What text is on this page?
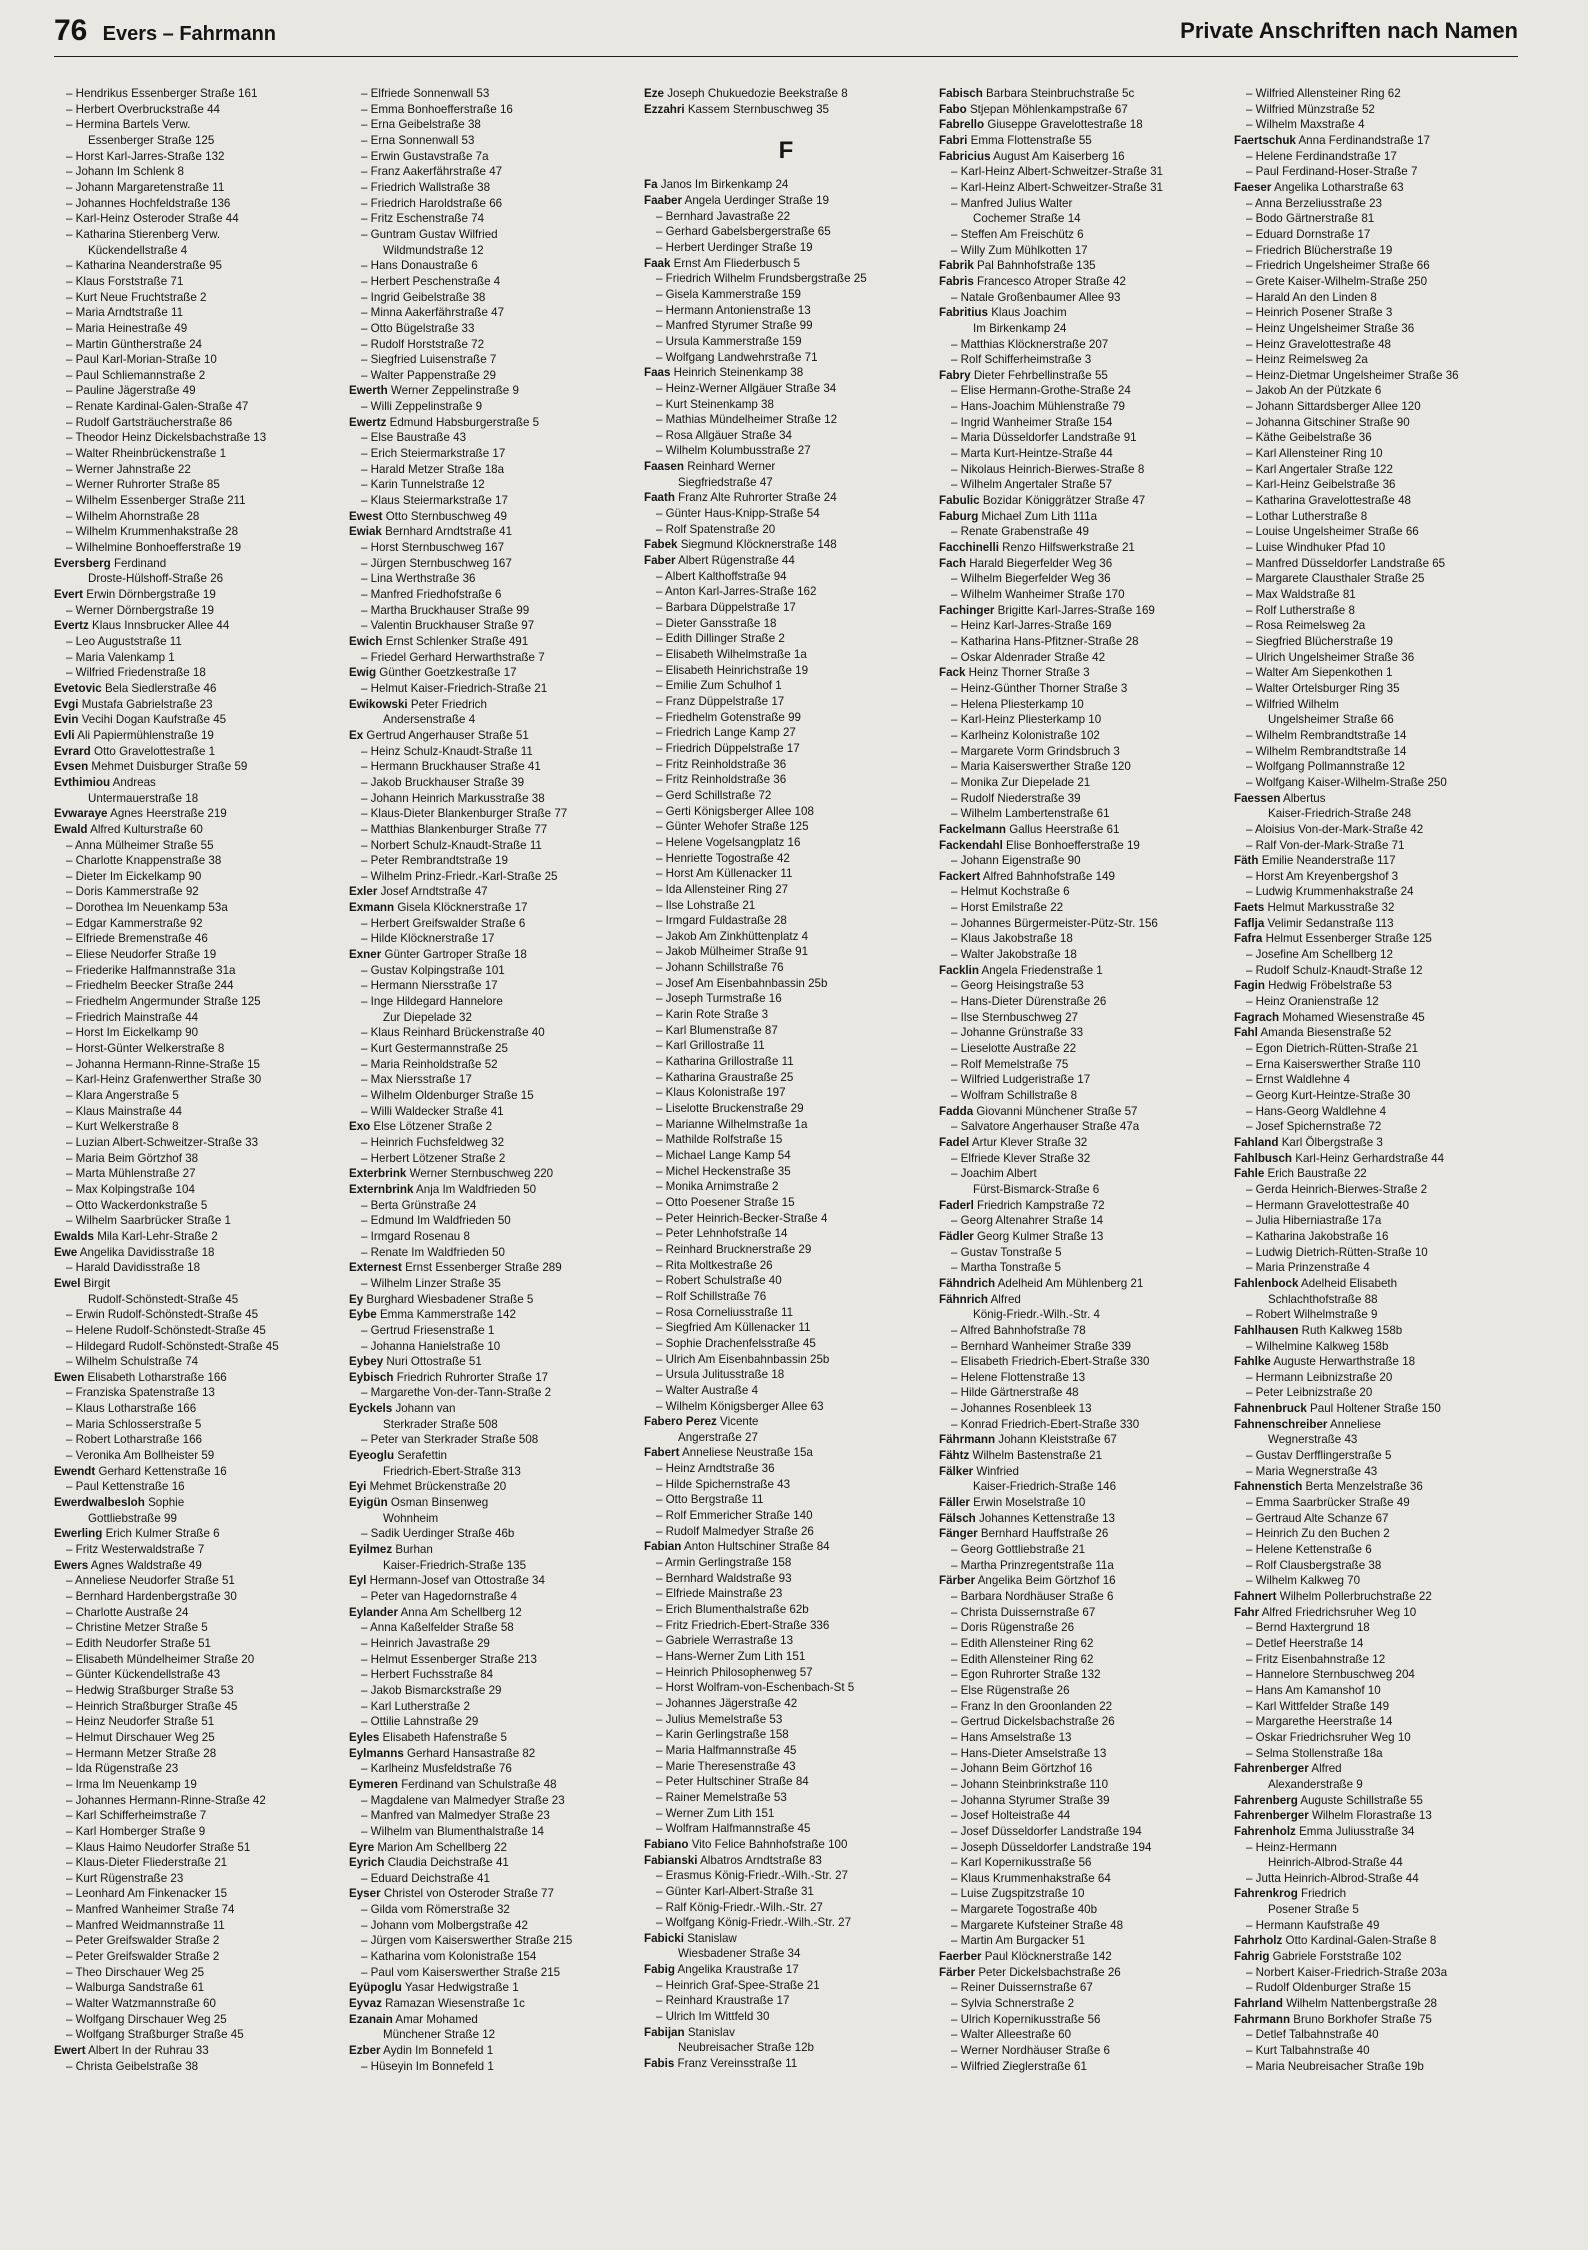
76 Evers – Fahrmann	Private Anschriften nach Namen
– Hendrikus Essenberger Straße 161
– Herbert Overbruckstraße 44
– Hermina Bartels Verw.
Essenberger Straße 125
– Horst Karl-Jarres-Straße 132
– Johann Im Schlenk 8
– Johann Margaretenstraße 11
– Johannes Hochfeldstraße 136
– Karl-Heinz Osteroder Straße 44
– Katharina Stierenberg Verw.
Kückendellstraße 4
– Katharina Neanderstraße 95
– Klaus Forststraße 71
– Kurt Neue Fruchtstraße 2
– Maria Arndtstraße 11
– Maria Heinestraße 49
– Martin Güntherstraße 24
– Paul Karl-Morian-Straße 10
– Paul Schliemannstraße 2
– Pauline Jägerstraße 49
– Renate Kardinal-Galen-Straße 47
– Rudolf Gartsträucherstraße 86
– Theodor Heinz Dickelsbachstraße 13
– Walter Rheinbrückenstraße 1
– Werner Jahnstraße 22
– Werner Ruhrorter Straße 85
– Wilhelm Essenberger Straße 211
– Wilhelm Ahornstraße 28
– Wilhelm Krummenhakstraße 28
– Wilhelmine Bonhoefferstraße 19
Eversberg Ferdinand
Droste-Hülshoff-Straße 26
Evert Erwin Dörnbergstraße 19
– Werner Dörnbergstraße 19
Evertz Klaus Innsbrucker Allee 44
– Leo Auguststraße 11
– Maria Valenkamp 1
– Wilfried Friedenstraße 18
Evetovic Bela Siedlerstraße 46
Evgi Mustafa Gabrielstraße 23
Evin Vecihi Dogan Kaufstraße 45
Evli Ali Papiermühlenstraße 19
Evrard Otto Gravelottestraße 1
Evsen Mehmet Duisburger Straße 59
Evthimiou Andreas
Untermauerstraße 18
Evwaraye Agnes Heerstraße 219
Ewald Alfred Kulturstraße 60
– Anna Mülheimer Straße 55
– Charlotte Knappenstraße 38
– Dieter Im Eickelkamp 90
– Doris Kammerstraße 92
– Dorothea Im Neuenkamp 53a
– Edgar Kammerstraße 92
– Elfriede Bremenstraße 46
– Eliese Neudorfer Straße 19
– Friederike Halfmannstraße 31a
– Friedhelm Beecker Straße 244
– Friedhelm Angermunder Straße 125
– Friedrich Mainstraße 44
– Horst Im Eickelkamp 90
– Horst-Günter Welkerstraße 8
– Johanna Hermann-Rinne-Straße 15
– Karl-Heinz Grafenwerther Straße 30
– Klara Angerstraße 5
– Klaus Mainstraße 44
– Kurt Welkerstraße 8
– Luzian Albert-Schweitzer-Straße 33
– Maria Beim Görtzhof 38
– Marta Mühlenstraße 27
– Max Kolpingstraße 104
– Otto Wackerdonkstraße 5
– Wilhelm Saarbrücker Straße 1
Ewalds Mila Karl-Lehr-Straße 2
Ewe Angelika Davidisstraße 18
– Harald Davidisstraße 18
Ewel Birgit
Rudolf-Schönstedt-Straße 45
– Erwin Rudolf-Schönstedt-Straße 45
– Helene Rudolf-Schönstedt-Straße 45
– Hildegard Rudolf-Schönstedt-Straße 45
– Wilhelm Schulstraße 74
Ewen Elisabeth Lotharstraße 166
– Franziska Spatenstraße 13
– Klaus Lotharstraße 166
– Maria Schlosserstraße 5
– Robert Lotharstraße 166
– Veronika Am Bollheister 59
Ewendt Gerhard Kettenstraße 16
– Paul Kettenstraße 16
Ewerdwalbesloh Sophie
Gottliebstraße 99
Ewerling Erich Kulmer Straße 6
– Fritz Westerwaldstraße 7
Ewers Agnes Waldstraße 49
– Anneliese Neudorfer Straße 51
– Bernhard Hardenbergstraße 30
– Charlotte Austraße 24
– Christine Metzer Straße 5
– Edith Neudorfer Straße 51
– Elisabeth Mündelheimer Straße 20
– Günter Kückendellstraße 43
– Hedwig Straßburger Straße 53
– Heinrich Straßburger Straße 45
– Heinz Neudorfer Straße 51
– Helmut Dirschauer Weg 25
– Hermann Metzer Straße 28
– Ida Rügenstraße 23
– Irma Im Neuenkamp 19
– Johannes Hermann-Rinne-Straße 42
– Karl Schifferheimstraße 7
– Karl Homberger Straße 9
– Klaus Haimo Neudorfer Straße 51
– Klaus-Dieter Fliederstraße 21
– Kurt Rügenstraße 23
– Leonhard Am Finkenacker 15
– Manfred Wanheimer Straße 74
– Manfred Weidmannstraße 11
– Peter Greifswalder Straße 2
– Peter Greifswalder Straße 2
– Theo Dirschauer Weg 25
– Walburga Sandstraße 61
– Walter Watzmannstraße 60
– Wolfgang Dirschauer Weg 25
– Wolfgang Straßburger Straße 45
Ewert Albert In der Ruhrau 33
– Christa Geibelstraße 38
– Elfriede Sonnenwall 53
– Emma Bonhoefferstraße 16
– Erna Geibelstraße 38
– Erna Sonnenwall 53
– Erwin Gustavstraße 7a
– Franz Aakerfährstraße 47
– Friedrich Wallstraße 38
– Friedrich Haroldstraße 66
– Fritz Eschenstraße 74
– Guntram Gustav Wilfried
Wildmundstraße 12
– Hans Donaustraße 6
– Herbert Peschenstraße 4
– Ingrid Geibelstraße 38
– Minna Aakerfährstraße 47
– Otto Bügelstraße 33
– Rudolf Horststraße 72
– Siegfried Luisenstraße 7
– Walter Pappenstraße 29
Ewerth Werner Zeppelinstraße 9
– Willi Zeppelinstraße 9
Ewertz Edmund Habsburgerstraße 5
– Else Baustraße 43
– Erich Steiermarkstraße 17
– Harald Metzer Straße 18a
– Karin Tunnelstraße 12
– Klaus Steiermarkstraße 17
Ewest Otto Sternbuschweg 49
Ewiak Bernhard Arndtstraße 41
– Horst Sternbuschweg 167
– Jürgen Sternbuschweg 167
– Lina Werthstraße 36
– Manfred Friedhofstraße 6
– Martha Bruckhauser Straße 99
– Valentin Bruckhauser Straße 97
Ewich Ernst Schlenker Straße 491
– Friedel Gerhard Herwarthstraße 7
Ewig Günther Goetzkestraße 17
– Helmut Kaiser-Friedrich-Straße 21
Ewikowski Peter Friedrich
Andersenstraße 4
Ex Gertrud Angerhauser Straße 51
– Heinz Schulz-Knaudt-Straße 11
– Hermann Bruckhauser Straße 41
– Jakob Bruckhauser Straße 39
– Johann Heinrich Markusstraße 38
– Klaus-Dieter Blankenburger Straße 77
– Matthias Blankenburger Straße 77
– Norbert Schulz-Knaudt-Straße 11
– Peter Rembrandtstraße 19
– Wilhelm Prinz-Friedr.-Karl-Straße 25
Exler Josef Arndtstraße 47
Exmann Gisela Klöcknerstraße 17
– Herbert Greifswalder Straße 6
– Hilde Klöcknerstraße 17
Exner Günter Gartroper Straße 18
– Gustav Kolpingstraße 101
– Hermann Niersstraße 17
– Inge Hildegard Hannelore
Zur Diepelade 32
– Klaus Reinhard Brückenstraße 40
– Kurt Gestermannstraße 25
– Maria Reinholdstraße 52
– Max Niersstraße 17
– Wilhelm Oldenburger Straße 15
– Willi Waldecker Straße 41
Exo Else Lötzener Straße 2
– Heinrich Fuchsfeldweg 32
– Herbert Lötzener Straße 2
Exterbrink Werner Sternbuschweg 220
Externbrink Anja Im Waldfrieden 50
– Berta Grünstraße 24
– Edmund Im Waldfrieden 50
– Irmgard Rosenau 8
– Renate Im Waldfrieden 50
Externest Ernst Essenberger Straße 289
– Wilhelm Linzer Straße 35
Ey Burghard Wiesbadener Straße 5
Eybe Emma Kammerstraße 142
– Gertrud Friesenstraße 1
– Johanna Hanielstraße 10
Eybey Nuri Ottostraße 51
Eybisch Friedrich Ruhrorter Straße 17
– Margarethe Von-der-Tann-Straße 2
Eyckels Johann van
Sterkrader Straße 508
– Peter van Sterkrader Straße 508
Eyeoglu Serafettin
Friedrich-Ebert-Straße 313
Eyi Mehmet Brückenstraße 20
Eyigün Osman Binsenweg
Wohnheim
– Sadik Uerdinger Straße 46b
Eyilmez Burhan
Kaiser-Friedrich-Straße 135
Eyl Hermann-Josef van Ottostraße 34
– Peter van Hagedornstraße 4
Eylander Anna Am Schellberg 12
– Anna Kaßelfelder Straße 58
– Heinrich Javastraße 29
– Helmut Essenberger Straße 213
– Herbert Fuchsstraße 84
– Jakob Bismarckstraße 29
– Karl Lutherstraße 2
– Ottilie Lahnstraße 29
Eyles Elisabeth Hafenstraße 5
Eylmanns Gerhard Hansastraße 82
– Karlheinz Musfeldstraße 76
Eymeren Ferdinand van Schulstraße 48
– Magdalene van Malmedyer Straße 23
– Manfred van Malmedyer Straße 23
– Wilhelm van Blumenthalstraße 14
Eyre Marion Am Schellberg 22
Eyrich Claudia Deichstraße 41
– Eduard Deichstraße 41
Eyser Christel von Osteroder Straße 77
– Gilda vom Römerstraße 32
– Johann vom Molbergstraße 42
– Jürgen vom Kaiserswerther Straße 215
– Katharina vom Kolonistraße 154
– Paul vom Kaiserswerther Straße 215
Eyüpoglu Yasar Hedwigstraße 1
Eyvaz Ramazan Wiesenstraße 1c
Ezanain Amar Mohamed
Münchener Straße 12
Ezber Aydin Im Bonnefeld 1
– Hüseyin Im Bonnefeld 1
Eze Joseph Chukuedozie Beekstraße 8
Ezzahri Kassem Sternbuschweg 35
F
Fa Janos Im Birkenkamp 24
Faaber Angela Uerdinger Straße 19
– Bernhard Javastraße 22
– Gerhard Gabelsbergerstraße 65
– Herbert Uerdinger Straße 19
Faak Ernst Am Fliederbusch 5
– Friedrich Wilhelm Frundsbergstraße 25
– Gisela Kammerstraße 159
– Hermann Antonienstraße 13
– Manfred Styrumer Straße 99
– Ursula Kammerstraße 159
– Wolfgang Landwehrstraße 71
Faas Heinrich Steinenkamp 38
– Heinz-Werner Allgäuer Straße 34
– Kurt Steinenkamp 38
– Mathias Mündelheimer Straße 12
– Rosa Allgäuer Straße 34
– Wilhelm Kolumbusstraße 27
Faasen Reinhard Werner
Siegfriedstraße 47
Faath Franz Alte Ruhrorter Straße 24
– Günter Haus-Knipp-Straße 54
– Rolf Spatenstraße 20
Fabek Siegmund Klöcknerstraße 148
Faber Albert Rügenstraße 44
– Albert Kalthoffstraße 94
– Anton Karl-Jarres-Straße 162
– Barbara Düppelstraße 17
– Dieter Gansstraße 18
– Edith Dillinger Straße 2
– Elisabeth Wilhelmstraße 1a
– Elisabeth Heinrichstraße 19
– Emilie Zum Schulhof 1
– Franz Düppelstraße 17
– Friedhelm Gotenstraße 99
– Friedrich Lange Kamp 27
– Friedrich Düppelstraße 17
– Fritz Reinholdstraße 36
– Fritz Reinholdstraße 36
– Gerd Schillstraße 72
– Gerti Königsberger Allee 108
– Günter Wehofer Straße 125
– Helene Vogelsangplatz 16
– Henriette Togostraße 42
– Horst Am Küllenacker 11
– Ida Allensteiner Ring 27
– Ilse Lohstraße 21
– Irmgard Fuldastraße 28
– Jakob Am Zinkhüttenplatz 4
– Jakob Mülheimer Straße 91
– Johann Schillstraße 76
– Josef Am Eisenbahnbassin 25b
– Joseph Turmstraße 16
– Karin Rote Straße 3
– Karl Blumenstraße 87
– Karl Grillostraße 11
– Katharina Grillostraße 11
– Katharina Graustraße 25
– Klaus Kolonistraße 197
– Liselotte Bruckenstraße 29
– Marianne Wilhelmstraße 1a
– Mathilde Rolfstraße 15
– Michael Lange Kamp 54
– Michel Heckenstraße 35
– Monika Arnimstraße 2
– Otto Poesener Straße 15
– Peter Heinrich-Becker-Straße 4
– Peter Lehnhofstraße 14
– Reinhard Brucknerstraße 29
– Rita Moltkestraße 26
– Robert Schulstraße 40
– Rolf Schillstraße 76
– Rosa Corneliusstraße 11
– Siegfried Am Küllenacker 11
– Sophie Drachenfelsstraße 45
– Ulrich Am Eisenbahnbassin 25b
– Ursula Julitusstraße 18
– Walter Austraße 4
– Wilhelm Königsberger Allee 63
Fabero Perez Vicente
Angerstraße 27
Fabert Anneliese Neustraße 15a
– Heinz Arndtstraße 36
– Hilde Spichernstraße 43
– Otto Bergstraße 11
– Rolf Emmericher Straße 140
– Rudolf Malmedyer Straße 26
Fabian Anton Hultschiner Straße 84
– Armin Gerlingstraße 158
– Bernhard Waldstraße 93
– Elfriede Mainstraße 23
– Erich Blumenthalstraße 62b
– Fritz Friedrich-Ebert-Straße 336
– Gabriele Werrastraße 13
– Hans-Werner Zum Lith 151
– Heinrich Philosophenweg 57
– Horst Wolfram-von-Eschenbach-St 5
– Johannes Jägerstraße 42
– Julius Memelstraße 53
– Karin Gerlingstraße 158
– Maria Halfmannstraße 45
– Marie Theresenstraße 43
– Peter Hultschiner Straße 84
– Rainer Memelstraße 53
– Werner Zum Lith 151
– Wolfram Halfmannstraße 45
Fabiano Vito Felice Bahnhofstraße 100
Fabianski Albatros Arndtstraße 83
– Erasmus König-Friedr.-Wilh.-Str. 27
– Günter Karl-Albert-Straße 31
– Ralf König-Friedr.-Wilh.-Str. 27
– Wolfgang König-Friedr.-Wilh.-Str. 27
Fabicki Stanislaw
Wiesbadener Straße 34
Fabig Angelika Kraustraße 17
– Heinrich Graf-Spee-Straße 21
– Reinhard Kraustraße 17
– Ulrich Im Wittfeld 30
Fabijan Stanislav
Neubreisacher Straße 12b
Fabis Franz Vereinsstraße 11
Fabisch Barbara Steinbruchstraße 5c
Fabo Stjepan Möhlenkampstraße 67
Fabrello Giuseppe Gravelottestraße 18
Fabri Emma Flottenstraße 55
Fabricius August Am Kaiserberg 16
– Karl-Heinz Albert-Schweitzer-Straße 31
– Karl-Heinz Albert-Schweitzer-Straße 31
– Manfred Julius Walter
Cochemer Straße 14
– Steffen Am Freischütz 6
– Willy Zum Mühlkotten 17
Fabrik Pal Bahnhofstraße 135
Fabris Francesco Atroper Straße 42
– Natale Großenbaumer Allee 93
Fabritius Klaus Joachim
Im Birkenkamp 24
– Matthias Klöcknerstraße 207
– Rolf Schifferheimstraße 3
Fabry Dieter Fehrbellinstraße 55
– Elise Hermann-Grothe-Straße 24
– Hans-Joachim Mühlenstraße 79
– Ingrid Wanheimer Straße 154
– Maria Düsseldorfer Landstraße 91
– Marta Kurt-Heintze-Straße 44
– Nikolaus Heinrich-Bierwes-Straße 8
– Wilhelm Angertaler Straße 57
Fabulic Bozidar Königgrätzer Straße 47
Faburg Michael Zum Lith 111a
– Renate Grabenstraße 49
Facchinelli Renzo Hilfswerkstraße 21
Fach Harald Biegerfelder Weg 36
– Wilhelm Biegerfelder Weg 36
– Wilhelm Wanheimer Straße 170
Fachinger Brigitte Karl-Jarres-Straße 169
– Heinz Karl-Jarres-Straße 169
– Katharina Hans-Pfitzner-Straße 28
– Oskar Aldenrader Straße 42
Fack Heinz Thorner Straße 3
– Heinz-Günther Thorner Straße 3
– Helena Pliesterkamp 10
– Karl-Heinz Pliesterkamp 10
– Karlheinz Kolonistraße 102
– Margarete Vorm Grindsbruch 3
– Maria Kaiserswerther Straße 120
– Monika Zur Diepelade 21
– Rudolf Niederstraße 39
– Wilhelm Lambertenstraße 61
Fackelmann Gallus Heerstraße 61
Fackendahl Elise Bonhoefferstraße 19
– Johann Eigenstraße 90
Fackert Alfred Bahnhofstraße 149
– Helmut Kochstraße 6
– Horst Emilstraße 22
– Johannes Bürgermeister-Pütz-Str. 156
– Klaus Jakobstraße 18
– Walter Jakobstraße 18
Facklin Angela Friedenstraße 1
– Georg Heisingstraße 53
– Hans-Dieter Dürenstraße 26
– Ilse Sternbuschweg 27
– Johanne Grünstraße 33
– Lieselotte Austraße 22
– Rolf Memelstraße 75
– Wilfried Ludgeristraße 17
– Wolfram Schillstraße 8
Fadda Giovanni Münchener Straße 57
– Salvatore Angerhauser Straße 47a
Fadel Artur Klever Straße 32
– Elfriede Klever Straße 32
– Joachim Albert
Fürst-Bismarck-Straße 6
Faderl Friedrich Kampstraße 72
– Georg Altenahrer Straße 14
Fädler Georg Kulmer Straße 13
– Gustav Tonstraße 5
– Martha Tonstraße 5
Fähndrich Adelheid Am Mühlenberg 21
Fähnrich Alfred
König-Friedr.-Wilh.-Str. 4
– Alfred Bahnhofstraße 78
– Bernhard Wanheimer Straße 339
– Elisabeth Friedrich-Ebert-Straße 330
– Helene Flottenstraße 13
– Hilde Gärtnerstraße 48
– Johannes Rosenbleek 13
– Konrad Friedrich-Ebert-Straße 330
Fährmann Johann Kleiststraße 67
Fähtz Wilhelm Bastenstraße 21
Fälker Winfried
Kaiser-Friedrich-Straße 146
Fäller Erwin Moselstraße 10
Fälsch Johannes Kettenstraße 13
Fänger Bernhard Hauffstraße 26
– Georg Gottliebstraße 21
– Martha Prinzregentstraße 11a
Färber Angelika Beim Görtzhof 16
– Barbara Nordhäuser Straße 6
– Christa Duissernstraße 67
– Doris Rügenstraße 26
– Edith Allensteiner Ring 62
– Edith Allensteiner Ring 62
– Egon Ruhrorter Straße 132
– Else Rügenstraße 26
– Franz In den Groonlanden 22
– Gertrud Dickelsbachstraße 26
– Hans Amselstraße 13
– Hans-Dieter Amselstraße 13
– Johann Beim Görtzhof 16
– Johann Steinbrinkstraße 110
– Johanna Styrumer Straße 39
– Josef Holteistraße 44
– Josef Düsseldorfer Landstraße 194
– Joseph Düsseldorfer Landstraße 194
– Karl Kopernikusstraße 56
– Klaus Krummenhakstraße 64
– Luise Zugspitzstraße 10
– Margarete Togostraße 40b
– Margarete Kufsteiner Straße 48
– Martin Am Burgacker 51
Faerber Paul Klöcknerstraße 142
Färber Peter Dickelsbachstraße 26
– Reiner Duissernstraße 67
– Sylvia Schnerstraße 2
– Ulrich Kopernikusstraße 56
– Walter Alleestraße 60
– Werner Nordhäuser Straße 6
– Wilfried Zieglerstraße 61
– Wilfried Allensteiner Ring 62
– Wilfried Münzstraße 52
– Wilhelm Maxstraße 4
Faertschuk Anna Ferdinandstraße 17
– Helene Ferdinandstraße 17
– Paul Ferdinand-Hoser-Straße 7
Faeser Angelika Lotharstraße 63
– Anna Berzeliusstraße 23
– Bodo Gärtnerstraße 81
– Eduard Dornstraße 17
– Friedrich Blücherstraße 19
– Friedrich Ungelsheimer Straße 66
– Grete Kaiser-Wilhelm-Straße 250
– Harald An den Linden 8
– Heinrich Posener Straße 3
– Heinz Ungelsheimer Straße 36
– Heinz Gravelottestraße 48
– Heinz Reimelsweg 2a
– Heinz-Dietmar Ungelsheimer Straße 36
– Jakob An der Pützkate 6
– Johann Sittardsberger Allee 120
– Johanna Gitschiner Straße 90
– Käthe Geibelstraße 36
– Karl Allensteiner Ring 10
– Karl Angertaler Straße 122
– Karl-Heinz Geibelstraße 36
– Katharina Gravelottestraße 48
– Lothar Lutherstraße 8
– Louise Ungelsheimer Straße 66
– Luise Windhuker Pfad 10
– Manfred Düsseldorfer Landstraße 65
– Margarete Clausthaler Straße 25
– Max Waldstraße 81
– Rolf Lutherstraße 8
– Rosa Reimelsweg 2a
– Siegfried Blücherstraße 19
– Ulrich Ungelsheimer Straße 36
– Walter Am Siepenkothen 1
– Walter Ortelsburger Ring 35
– Wilfried Wilhelm
Ungelsheimer Straße 66
– Wilhelm Rembrandtstraße 14
– Wilhelm Rembrandtstraße 14
– Wolfgang Pollmannstraße 12
– Wolfgang Kaiser-Wilhelm-Straße 250
Faessen Albertus
Kaiser-Friedrich-Straße 248
– Aloisius Von-der-Mark-Straße 42
– Ralf Von-der-Mark-Straße 71
Fäth Emilie Neanderstraße 117
– Horst Am Kreyenbergshof 3
– Ludwig Krummenhakstraße 24
Faets Helmut Markusstraße 32
Faflja Velimir Sedanstraße 113
Fafra Helmut Essenberger Straße 125
– Josefine Am Schellberg 12
– Rudolf Schulz-Knaudt-Straße 12
Fagin Hedwig Fröbelstraße 53
– Heinz Oranienstraße 12
Fagrach Mohamed Wiesenstraße 45
Fahl Amanda Biesenstraße 52
– Egon Dietrich-Rütten-Straße 21
– Erna Kaiserswerther Straße 110
– Ernst Waldlehne 4
– Georg Kurt-Heintze-Straße 30
– Hans-Georg Waldlehne 4
– Josef Spichernstraße 72
Fahland Karl Ölbergstraße 3
Fahlbusch Karl-Heinz Gerhardstraße 44
Fahle Erich Baustraße 22
– Gerda Heinrich-Bierwes-Straße 2
– Hermann Gravelottestraße 40
– Julia Hiberniastraße 17a
– Katharina Jakobstraße 16
– Ludwig Dietrich-Rütten-Straße 10
– Maria Prinzenstraße 4
Fahlenbock Adelheid Elisabeth
Schlachthofstraße 88
– Robert Wilhelmstraße 9
Fahlhausen Ruth Kalkweg 158b
– Wilhelmine Kalkweg 158b
Fahlke Auguste Herwarthstraße 18
– Hermann Leibnizstraße 20
– Peter Leibnizstraße 20
Fahnenbruck Paul Holtener Straße 150
Fahnenschreiber Anneliese
Wegnerstraße 43
– Gustav Derfflingerstraße 5
– Maria Wegnerstraße 43
Fahnenstich Berta Menzelstraße 36
– Emma Saarbrücker Straße 49
– Gertraud Alte Schanze 67
– Heinrich Zu den Buchen 2
– Helene Kettenstraße 6
– Rolf Clausbergstraße 38
– Wilhelm Kalkweg 70
Fahnert Wilhelm Pollerbruchstraße 22
Fahr Alfred Friedrichsruher Weg 10
– Bernd Haxtergrund 18
– Detlef Heerstraße 14
– Fritz Eisenbahnstraße 12
– Hannelore Sternbuschweg 204
– Hans Am Kamanshof 10
– Karl Wittfelder Straße 149
– Margarethe Heerstraße 14
– Oskar Friedrichsruher Weg 10
– Selma Stollenstraße 18a
Fahrenberger Alfred
Alexanderstraße 9
Fahrenberg Auguste Schillstraße 55
Fahrenberger Wilhelm Florastraße 13
Fahrenholz Emma Juliusstraße 34
– Heinz-Hermann
Heinrich-Albrod-Straße 44
– Jutta Heinrich-Albrod-Straße 44
Fahrenkrog Friedrich
Posener Straße 5
– Hermann Kaufstraße 49
Fahrholz Otto Kardinal-Galen-Straße 8
Fahrig Gabriele Forststraße 102
– Norbert Kaiser-Friedrich-Straße 203a
– Rudolf Oldenburger Straße 15
Fahrland Wilhelm Nattenbergstraße 28
Fahrmann Bruno Borkhofer Straße 75
– Detlef Talbahnstraße 40
– Kurt Talbahnstraße 40
– Maria Neubreisacher Straße 19b
